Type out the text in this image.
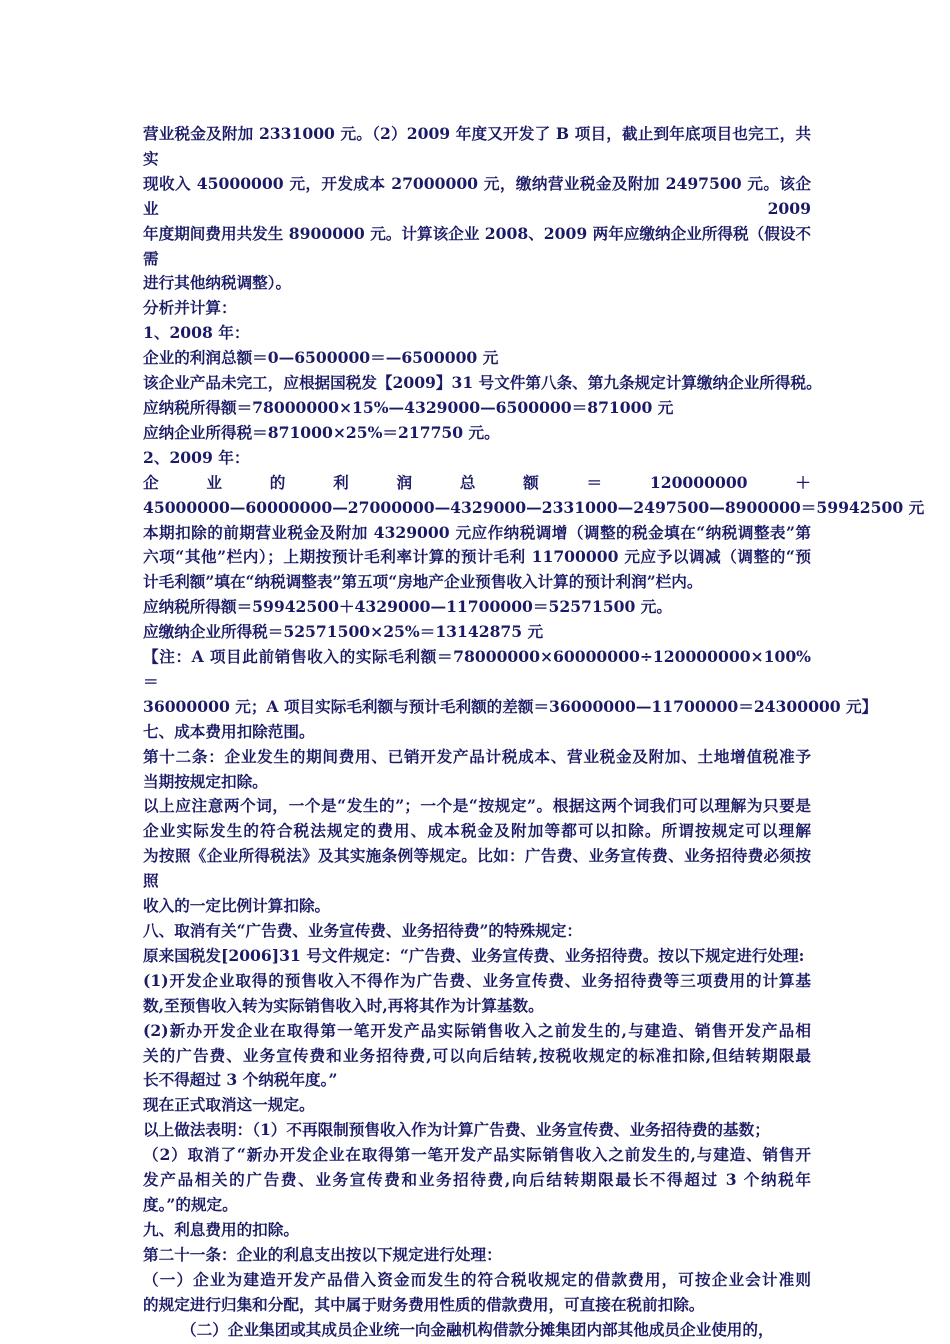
营业税金及附加 2331000 元。（2）2009 年度又开发了 B 项目，截止到年底项目也完工，共实
现收入 45000000 元，开发成本 27000000 元，缴纳营业税金及附加 2497500 元。该企业 2009
年度期间费用共发生 8900000 元。计算该企业 2008、2009 两年应缴纳企业所得税（假设不需
进行其他纳税调整）。
分析并计算：
1、2008 年：
企业的利润总额＝0—6500000＝—6500000 元
该企业产品未完工，应根据国税发【2009】31 号文件第八条、第九条规定计算缴纳企业所得税。
应纳税所得额＝78000000×15%—4329000—6500000＝871000 元
应纳企业所得税＝871000×25%＝217750 元。
2、2009 年：
企	业	的	利	润	总	额	＝	120000000	＋
45000000—60000000—27000000—4329000—2331000—2497500—8900000＝59942500 元
本期扣除的前期营业税金及附加 4329000 元应作纳税调增（调整的税金填在“纳税调整表”第
六项“其他”栏内）；上期按预计毛利率计算的预计毛利 11700000 元应予以调减（调整的“预
计毛利额”填在“纳税调整表”第五项“房地产企业预售收入计算的预计利润”栏内。
应纳税所得额＝59942500＋4329000—11700000＝52571500 元。
应缴纳企业所得税＝52571500×25%＝13142875 元
【注：A 项目此前销售收入的实际毛利额＝78000000×60000000÷120000000×100%＝
36000000 元；A 项目实际毛利额与预计毛利额的差额＝36000000—11700000＝24300000 元】
七、成本费用扣除范围。
第十二条：企业发生的期间费用、已销开发产品计税成本、营业税金及附加、土地增值税准予
当期按规定扣除。
以上应注意两个词，一个是“发生的”；一个是“按规定”。根据这两个词我们可以理解为只要是
企业实际发生的符合税法规定的费用、成本税金及附加等都可以扣除。所谓按规定可以理解
为按照《企业所得税法》及其实施条例等规定。比如：广告费、业务宣传费、业务招待费必须按照
收入的一定比例计算扣除。
八、取消有关“广告费、业务宣传费、业务招待费”的特殊规定：
原来国税发[2006]31 号文件规定：“广告费、业务宣传费、业务招待费。按以下规定进行处理:
(1)开发企业取得的预售收入不得作为广告费、业务宣传费、业务招待费等三项费用的计算基
数,至预售收入转为实际销售收入时,再将其作为计算基数。
(2)新办开发企业在取得第一笔开发产品实际销售收入之前发生的,与建造、销售开发产品相
关的广告费、业务宣传费和业务招待费,可以向后结转,按税收规定的标准扣除,但结转期限最
长不得超过 3 个纳税年度。”
现在正式取消这一规定。
以上做法表明：（1）不再限制预售收入作为计算广告费、业务宣传费、业务招待费的基数；
（2）取消了“新办开发企业在取得第一笔开发产品实际销售收入之前发生的,与建造、销售开
发产品相关的广告费、业务宣传费和业务招待费,向后结转期限最长不得超过 3 个纳税年
度。”的规定。
九、利息费用的扣除。
第二十一条：企业的利息支出按以下规定进行处理：
（一）企业为建造开发产品借入资金而发生的符合税收规定的借款费用，可按企业会计准则
的规定进行归集和分配，其中属于财务费用性质的借款费用，可直接在税前扣除。
（二）企业集团或其成员企业统一向金融机构借款分摊集团内部其他成员企业使用的，
